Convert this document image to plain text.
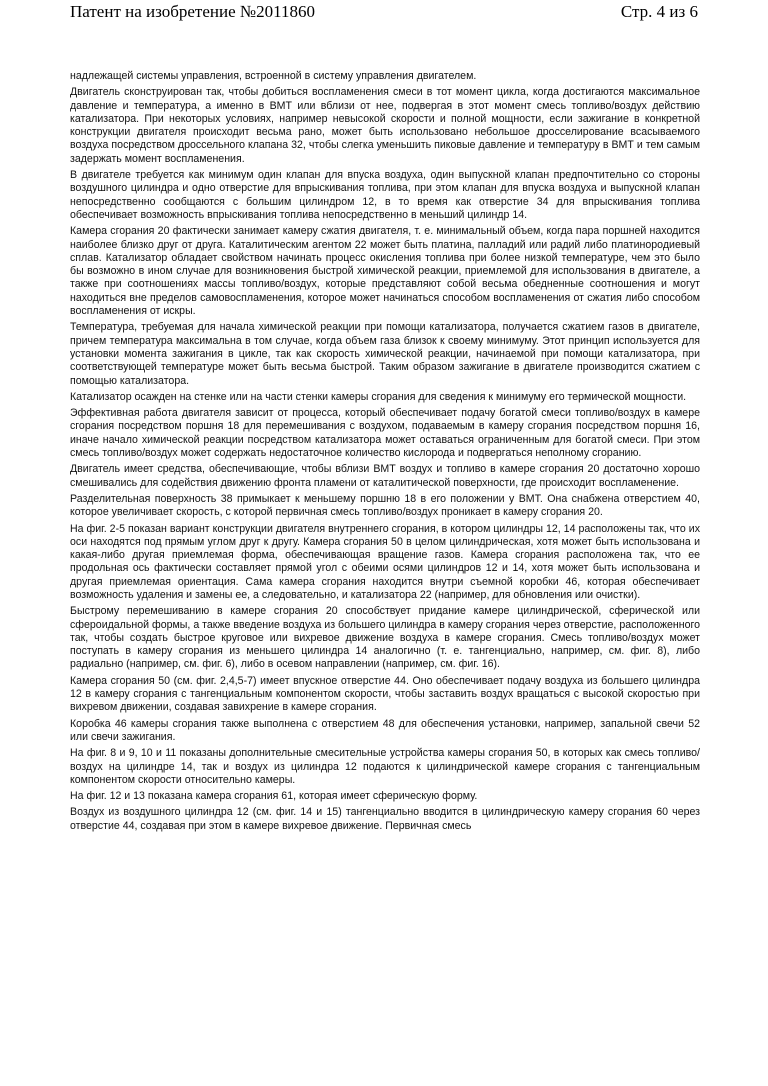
Патент на изобретение №2011860	Стр. 4 из 6

надлежащей системы управления, встроенной в систему управления двигателем.

Двигатель сконструирован так, чтобы добиться воспламенения смеси в тот момент цикла, когда достигаются максимальное давление и температура, а именно в ВМТ или вблизи от нее, подвергая в этот момент смесь топливо/воздух действию катализатора. При некоторых условиях, например невысокой скорости и полной мощности, если зажигание в конкретной конструкции двигателя происходит весьма рано, может быть использовано небольшое дросселирование всасываемого воздуха посредством дроссельного клапана 32, чтобы слегка уменьшить пиковые давление и температуру в ВМТ и тем самым задержать момент воспламенения.

В двигателе требуется как минимум один клапан для впуска воздуха, один выпускной клапан предпочтительно со стороны воздушного цилиндра и одно отверстие для впрыскивания топлива, при этом клапан для впуска воздуха и выпускной клапан непосредственно сообщаются с большим цилиндром 12, в то время как отверстие 34 для впрыскивания топлива обеспечивает возможность впрыскивания топлива непосредственно в меньший цилиндр 14.

Камера сгорания 20 фактически занимает камеру сжатия двигателя, т. е. минимальный объем, когда пара поршней находится наиболее близко друг от друга. Каталитическим агентом 22 может быть платина, палладий или радий либо платинородиевый сплав. Катализатор обладает свойством начинать процесс окисления топлива при более низкой температуре, чем это было бы возможно в ином случае для возникновения быстрой химической реакции, приемлемой для использования в двигателе, а также при соотношениях массы топливо/воздух, которые представляют собой весьма обедненные соотношения и могут находиться вне пределов самовоспламенения, которое может начинаться способом воспламенения от сжатия либо способом воспламенения от искры.

Температура, требуемая для начала химической реакции при помощи катализатора, получается сжатием газов в двигателе, причем температура максимальна в том случае, когда объем газа близок к своему минимуму. Этот принцип используется для установки момента зажигания в цикле, так как скорость химической реакции, начинаемой при помощи катализатора, при соответствующей температуре может быть весьма быстрой. Таким образом зажигание в двигателе производится сжатием с помощью катализатора.

Катализатор осажден на стенке или на части стенки камеры сгорания для сведения к минимуму его термической мощности.

Эффективная работа двигателя зависит от процесса, который обеспечивает подачу богатой смеси топливо/воздух в камере сгорания посредством поршня 18 для перемешивания с воздухом, подаваемым в камеру сгорания посредством поршня 16, иначе начало химической реакции посредством катализатора может оставаться ограниченным для богатой смеси. При этом смесь топливо/воздух может содержать недостаточное количество кислорода и подвергаться неполному сгоранию.

Двигатель имеет средства, обеспечивающие, чтобы вблизи ВМТ воздух и топливо в камере сгорания 20 достаточно хорошо смешивались для содействия движению фронта пламени от каталитической поверхности, где происходит воспламенение.

Разделительная поверхность 38 примыкает к меньшему поршню 18 в его положении у ВМТ. Она снабжена отверстием 40, которое увеличивает скорость, с которой первичная смесь топливо/воздух проникает в камеру сгорания 20.

На фиг. 2-5 показан вариант конструкции двигателя внутреннего сгорания, в котором цилиндры 12, 14 расположены так, что их оси находятся под прямым углом друг к другу. Камера сгорания 50 в целом цилиндрическая, хотя может быть использована и какая-либо другая приемлемая форма, обеспечивающая вращение газов. Камера сгорания расположена так, что ее продольная ось фактически составляет прямой угол с обеими осями цилиндров 12 и 14, хотя может быть использована и другая приемлемая ориентация. Сама камера сгорания находится внутри съемной коробки 46, которая обеспечивает возможность удаления и замены ее, а следовательно, и катализатора 22 (например, для обновления или очистки).

Быстрому перемешиванию в камере сгорания 20 способствует придание камере цилиндрической, сферической или сфероидальной формы, а также введение воздуха из большего цилиндра в камеру сгорания через отверстие, расположенного так, чтобы создать быстрое круговое или вихревое движение воздуха в камере сгорания. Смесь топливо/воздух может поступать в камеру сгорания из меньшего цилиндра 14 аналогично (т. е. тангенциально, например, см. фиг. 8), либо радиально (например, см. фиг. 6), либо в осевом направлении (например, см. фиг. 16).

Камера сгорания 50 (см. фиг. 2,4,5-7) имеет впускное отверстие 44. Оно обеспечивает подачу воздуха из большего цилиндра 12 в камеру сгорания с тангенциальным компонентом скорости, чтобы заставить воздух вращаться с высокой скоростью при вихревом движении, создавая завихрение в камере сгорания.

Коробка 46 камеры сгорания также выполнена с отверстием 48 для обеспечения установки, например, запальной свечи 52 или свечи зажигания.

На фиг. 8 и 9, 10 и 11 показаны дополнительные смесительные устройства камеры сгорания 50, в которых как смесь топливо/воздух на цилиндре 14, так и воздух из цилиндра 12 подаются к цилиндрической камере сгорания с тангенциальным компонентом скорости относительно камеры.

На фиг. 12 и 13 показана камера сгорания 61, которая имеет сферическую форму.

Воздух из воздушного цилиндра 12 (см. фиг. 14 и 15) тангенциально вводится в цилиндрическую камеру сгорания 60 через отверстие 44, создавая при этом в камере вихревое движение. Первичная смесь
